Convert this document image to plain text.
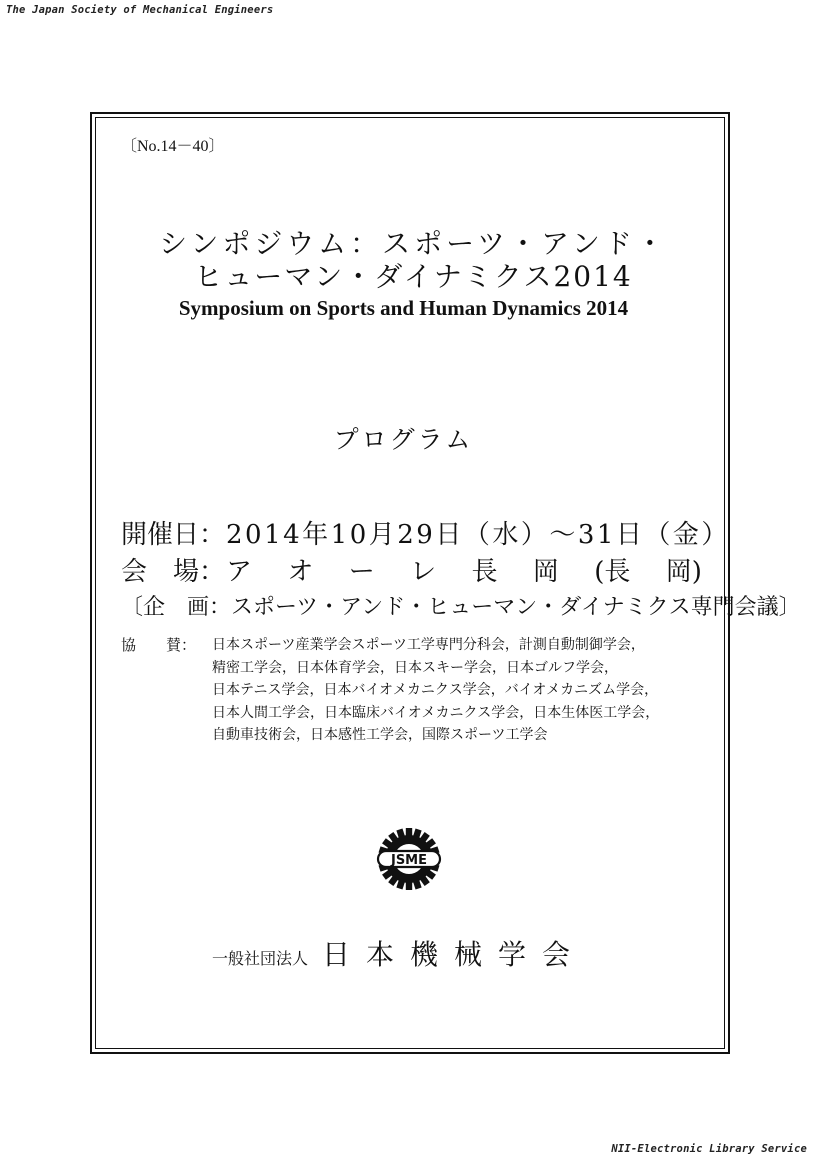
The Japan Society of Mechanical Engineers
〔No.14－40〕
シンポジウム：スポーツ・アンド・
ヒューマン・ダイナミクス2014
Symposium on Sports and Human Dynamics 2014
プログラム
開催日： 2014年10月29日（水）～31日（金）
会　場： ア オ ー レ 長 岡 (長 岡)
〔企　画：スポーツ・アンド・ヒューマン・ダイナミクス専門会議〕
協　　賛： 日本スポーツ産業学会スポーツ工学専門分科会，計測自動制御学会，
精密工学会，日本体育学会，日本スキー学会，日本ゴルフ学会，
日本テニス学会，日本バイオメカニクス学会，バイオメカニズム学会，
日本人間工学会，日本臨床バイオメカニクス学会，日本生体医工学会，
自動車技術会，日本感性工学会，国際スポーツ工学会
JSME
一般社団法人 日本機械学会
NII-Electronic Library Service
